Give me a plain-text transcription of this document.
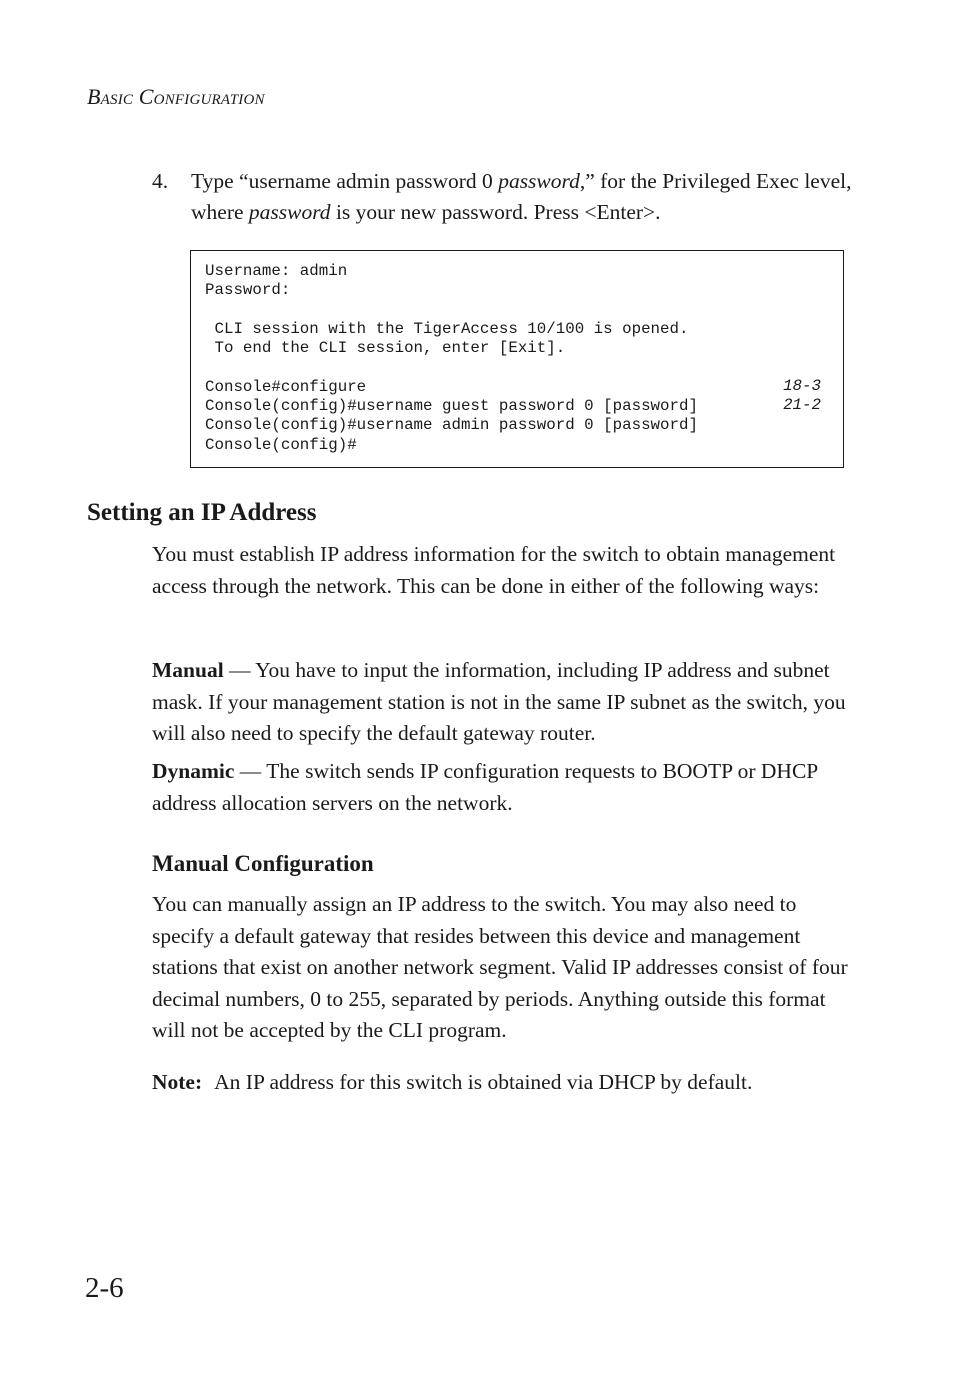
Basic Configuration
4. Type “username admin password 0 password,” for the Privileged Exec level, where password is your new password. Press <Enter>.
Username: admin
Password:

CLI session with the TigerAccess 10/100 is opened.
To end the CLI session, enter [Exit].

Console#configure
Console(config)#username guest password 0 [password]
Console(config)#username admin password 0 [password]
Console(config)#
18-3
21-2
Setting an IP Address

You must establish IP address information for the switch to obtain management access through the network. This can be done in either of the following ways:

Manual — You have to input the information, including IP address and subnet mask. If your management station is not in the same IP subnet as the switch, you will also need to specify the default gateway router.

Dynamic — The switch sends IP configuration requests to BOOTP or DHCP address allocation servers on the network.

Manual Configuration

You can manually assign an IP address to the switch. You may also need to specify a default gateway that resides between this device and management stations that exist on another network segment. Valid IP addresses consist of four decimal numbers, 0 to 255, separated by periods. Anything outside this format will not be accepted by the CLI program.

Note: An IP address for this switch is obtained via DHCP by default.

2-6
